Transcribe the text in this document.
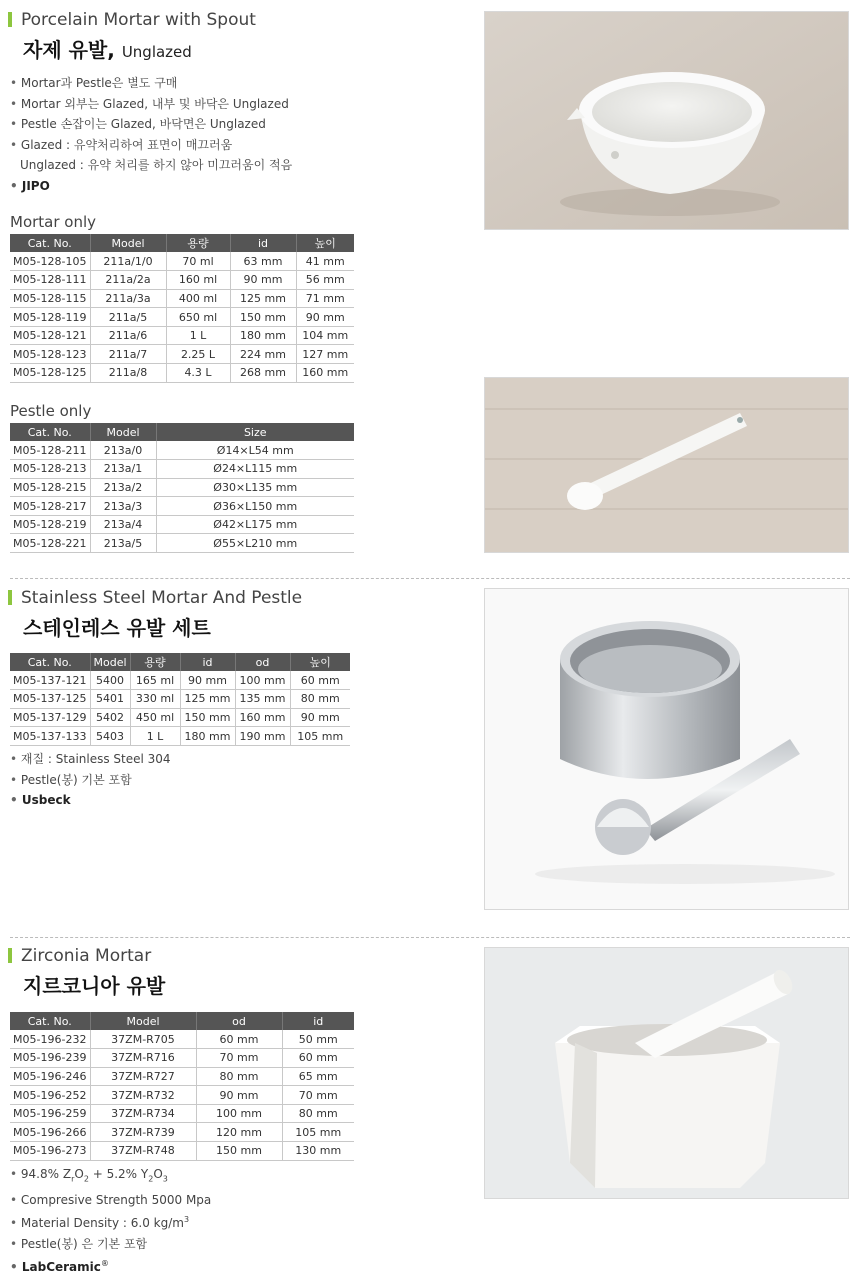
Porcelain Mortar with Spout
자제 유발, Unglazed
• Mortar과 Pestle은 별도 구매
• Mortar 외부는 Glazed, 내부 및 바닥은 Unglazed
• Pestle 손잡이는 Glazed, 바닥면은 Unglazed
• Glazed : 유약처리하여 표면이 매끄러움
Unglazed : 유약 처리를 하지 않아 미끄러움이 적음
• JIPO
Mortar only
Cat. No.	Model	용량	id	높이
M05-128-105	211a/1/0	70 ml	63 mm	41 mm
M05-128-111	211a/2a	160 ml	90 mm	56 mm
M05-128-115	211a/3a	400 ml	125 mm	71 mm
M05-128-119	211a/5	650 ml	150 mm	90 mm
M05-128-121	211a/6	1 L	180 mm	104 mm
M05-128-123	211a/7	2.25 L	224 mm	127 mm
M05-128-125	211a/8	4.3 L	268 mm	160 mm
Pestle only
Cat. No.	Model	Size
M05-128-211	213a/0	Ø14×L54 mm
M05-128-213	213a/1	Ø24×L115 mm
M05-128-215	213a/2	Ø30×L135 mm
M05-128-217	213a/3	Ø36×L150 mm
M05-128-219	213a/4	Ø42×L175 mm
M05-128-221	213a/5	Ø55×L210 mm
Stainless Steel Mortar And Pestle
스테인레스 유발 세트
Cat. No.	Model	용량	id	od	높이
M05-137-121	5400	165 ml	90 mm	100 mm	60 mm
M05-137-125	5401	330 ml	125 mm	135 mm	80 mm
M05-137-129	5402	450 ml	150 mm	160 mm	90 mm
M05-137-133	5403	1 L	180 mm	190 mm	105 mm
• 재질 : Stainless Steel 304
• Pestle(봉) 기본 포함
• Usbeck
Zirconia Mortar
지르코니아 유발
Cat. No.	Model	od	id
M05-196-232	37ZM-R705	60 mm	50 mm
M05-196-239	37ZM-R716	70 mm	60 mm
M05-196-246	37ZM-R727	80 mm	65 mm
M05-196-252	37ZM-R732	90 mm	70 mm
M05-196-259	37ZM-R734	100 mm	80 mm
M05-196-266	37ZM-R739	120 mm	105 mm
M05-196-273	37ZM-R748	150 mm	130 mm
• 94.8% $Z_rO_2 + 5.2\%$ $Y_2O_3$
• Compresive Strength 5000 Mpa
• Material Density : 6.0 $kg/m^3$
• Pestle(봉) 은 기본 포함
• LabCeramic®
